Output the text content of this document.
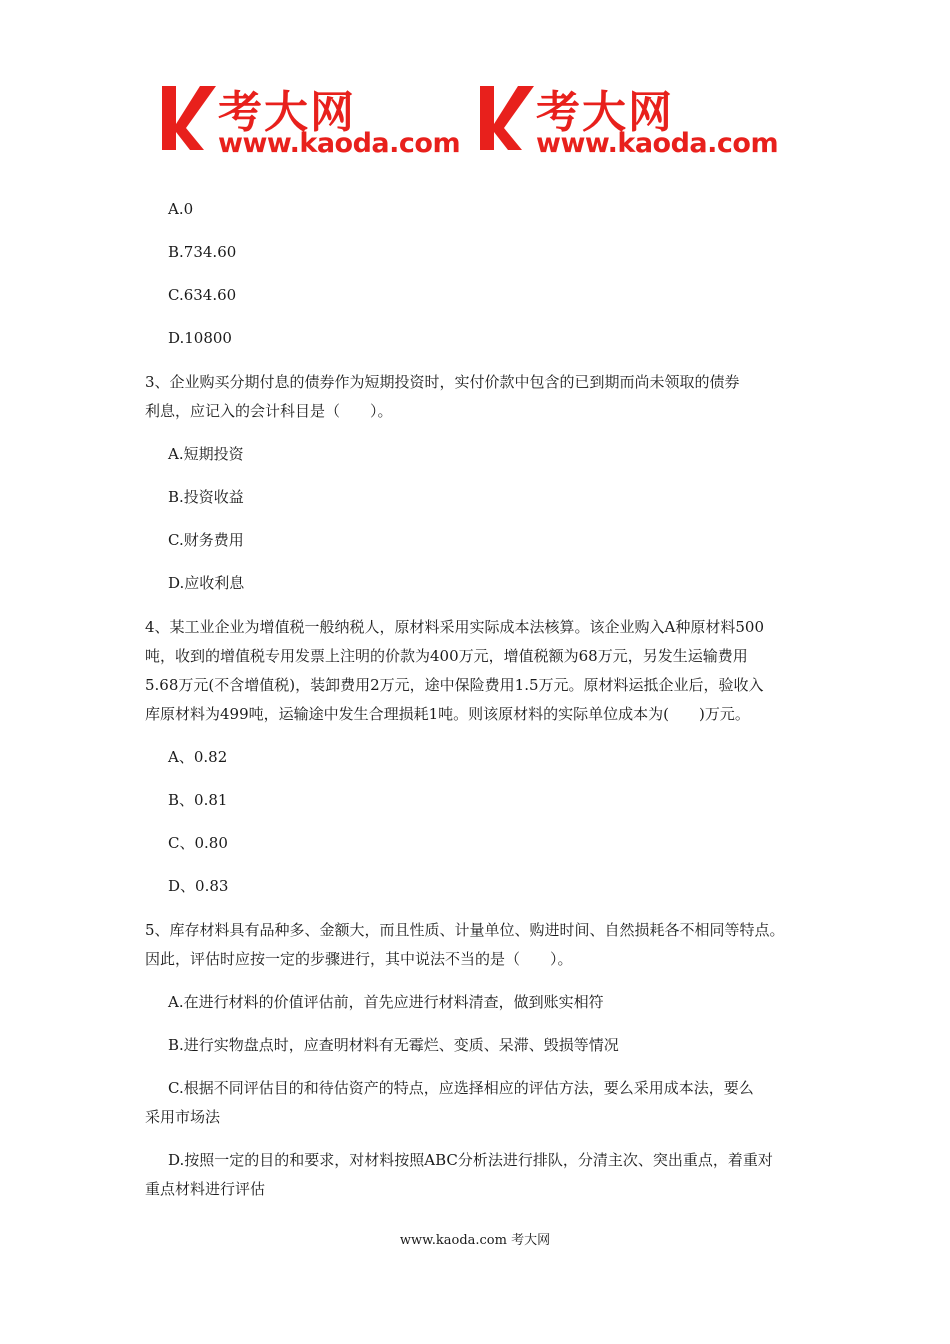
考大网
www.kaoda.com
考大网
www.kaoda.com
A.0
B.734.60
C.634.60
D.10800
3、企业购买分期付息的债券作为短期投资时，实付价款中包含的已到期而尚未领取的债券
利息，应记入的会计科目是（　　）。
A.短期投资
B.投资收益
C.财务费用
D.应收利息
4、某工业企业为增值税一般纳税人，原材料采用实际成本法核算。该企业购入A种原材料500
吨，收到的增值税专用发票上注明的价款为400万元，增值税额为68万元，另发生运输费用
5.68万元(不含增值税)，装卸费用2万元，途中保险费用1.5万元。原材料运抵企业后，验收入
库原材料为499吨，运输途中发生合理损耗1吨。则该原材料的实际单位成本为(　　)万元。
A、0.82
B、0.81
C、0.80
D、0.83
5、库存材料具有品种多、金额大，而且性质、计量单位、购进时间、自然损耗各不相同等特点。
因此，评估时应按一定的步骤进行，其中说法不当的是（　　）。
A.在进行材料的价值评估前，首先应进行材料清查，做到账实相符
B.进行实物盘点时，应查明材料有无霉烂、变质、呆滞、毁损等情况
C.根据不同评估目的和待估资产的特点，应选择相应的评估方法，要么采用成本法，要么
采用市场法
D.按照一定的目的和要求，对材料按照ABC分析法进行排队，分清主次、突出重点，着重对
重点材料进行评估
www.kaoda.com 考大网
